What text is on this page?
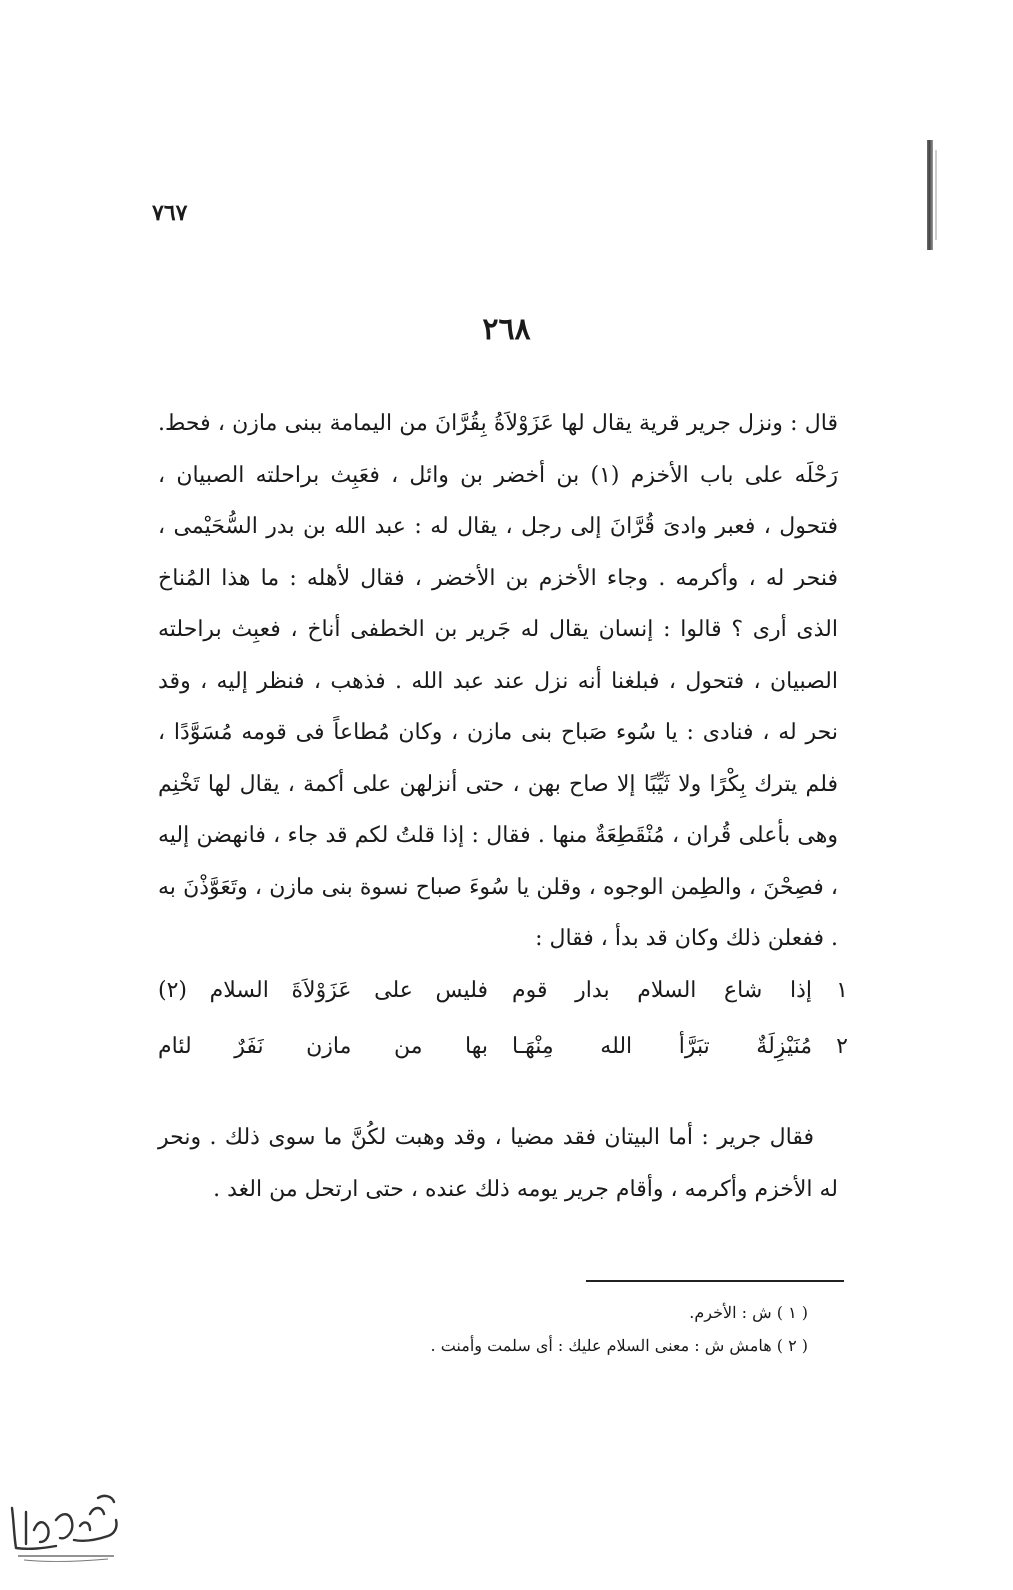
٧٦٧
٢٦٨

قال : ونزل جرير قرية يقال لها عَزَوْلاَةُ بِقُرَّانَ من اليمامة ببنى مازن ، فحط. رَحْلَه على باب الأخزم (١) بن أخضر بن وائل ، فعَبِث براحلته الصبيان ، فتحول ، فعبر وادىَ قُرَّانَ إلى رجل ، يقال له : عبد الله بن بدر السُّحَيْمى ، فنحر له ، وأكرمه . وجاء الأخزم بن الأخضر ، فقال لأهله : ما هذا المُناخ الذى أرى ؟ قالوا : إنسان يقال له جَرير بن الخطفى أناخ ، فعبِث براحلته الصبيان ، فتحول ، فبلغنا أنه نزل عند عبد الله . فذهب ، فنظر إليه ، وقد نحر له ، فنادى : يا سُوء صَباح بنى مازن ، وكان مُطاعاً فى قومه مُسَوَّدًا ، فلم يترك بِكْرًا ولا ثَيِّبًا إلا صاح بهن ، حتى أنزلهن على أكمة ، يقال لها تَخْنِم وهى بأعلى قُران ، مُنْقَطِعَةٌ منها . فقال : إذا قلتُ لكم قد جاء ، فانهضن إليه ، فصِحْنَ ، والطِمن الوجوه ، وقلن يا سُوءَ صباح نسوة بنى مازن ، وتَعَوَّذْنَ به . ففعلن ذلك وكان قد بدأ ، فقال :

١
إذا شاع السلام بدار قوم
فليس على عَزَوْلاَةَ السلام (٢)
٢
مُنَيْزِلَةٌ تبَرَّأ الله مِنْهَـا
بها من مازن نَفَرٌ لئام

فقال جرير : أما البيتان فقد مضيا ، وقد وهبت لكُنَّ ما سوى ذلك . ونحر له الأخزم وأكرمه ، وأقام جرير يومه ذلك عنده ، حتى ارتحل من الغد .

( ١ ) ش : الأخرم.
( ٢ ) هامش ش : معنى السلام عليك : أى سلمت وأمنت .
